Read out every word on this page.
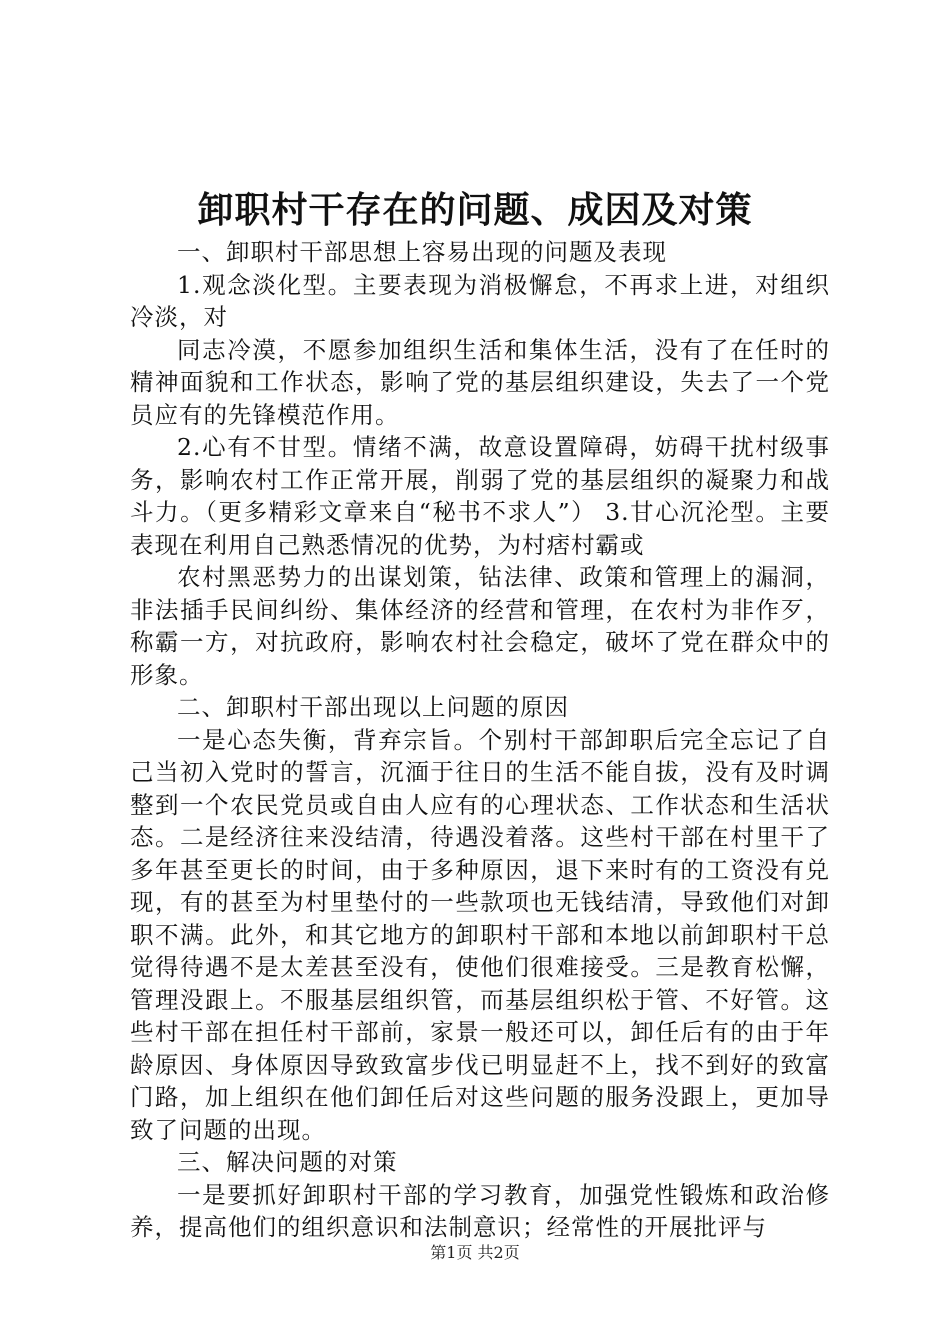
卸职村干存在的问题、成因及对策

一、卸职村干部思想上容易出现的问题及表现

1.观念淡化型。主要表现为消极懈怠，不再求上进，对组织冷淡，对

同志冷漠，不愿参加组织生活和集体生活，没有了在任时的精神面貌和工作状态，影响了党的基层组织建设，失去了一个党员应有的先锋模范作用。

2.心有不甘型。情绪不满，故意设置障碍，妨碍干扰村级事务，影响农村工作正常开展，削弱了党的基层组织的凝聚力和战斗力。（更多精彩文章来自“秘书不求人”） 3.甘心沉沦型。主要表现在利用自己熟悉情况的优势，为村痞村霸或

农村黑恶势力的出谋划策，钻法律、政策和管理上的漏洞，非法插手民间纠纷、集体经济的经营和管理，在农村为非作歹，称霸一方，对抗政府，影响农村社会稳定，破坏了党在群众中的形象。

二、卸职村干部出现以上问题的原因

一是心态失衡，背弃宗旨。个别村干部卸职后完全忘记了自己当初入党时的誓言，沉湎于往日的生活不能自拔，没有及时调整到一个农民党员或自由人应有的心理状态、工作状态和生活状态。二是经济往来没结清，待遇没着落。这些村干部在村里干了多年甚至更长的时间，由于多种原因，退下来时有的工资没有兑现，有的甚至为村里垫付的一些款项也无钱结清，导致他们对卸职不满。此外，和其它地方的卸职村干部和本地以前卸职村干总觉得待遇不是太差甚至没有，使他们很难接受。三是教育松懈，管理没跟上。不服基层组织管，而基层组织松于管、不好管。这些村干部在担任村干部前，家景一般还可以，卸任后有的由于年龄原因、身体原因导致致富步伐已明显赶不上，找不到好的致富门路，加上组织在他们卸任后对这些问题的服务没跟上，更加导致了问题的出现。

三、解决问题的对策

一是要抓好卸职村干部的学习教育，加强党性锻炼和政治修养，提高他们的组织意识和法制意识；经常性的开展批评与

第1页 共2页
